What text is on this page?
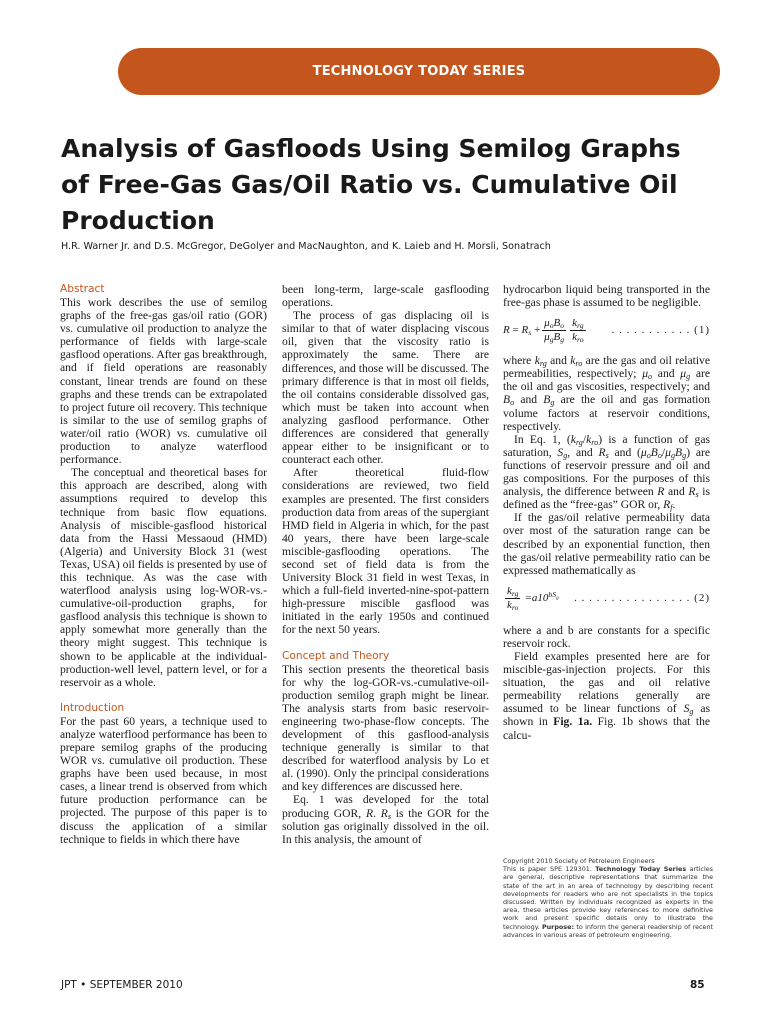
TECHNOLOGY TODAY SERIES
Analysis of Gasfloods Using Semilog Graphs of Free-Gas Gas/Oil Ratio vs. Cumulative Oil Production
H.R. Warner Jr. and D.S. McGregor, DeGolyer and MacNaughton, and K. Laieb and H. Morsli, Sonatrach

Abstract

This work describes the use of semilog graphs of the free-gas gas/oil ratio (GOR) vs. cumulative oil production to analyze the performance of fields with large-scale gasflood operations. After gas breakthrough, and if field operations are reasonably constant, linear trends are found on these graphs and these trends can be extrapolated to project future oil recovery. This technique is similar to the use of semilog graphs of water/oil ratio (WOR) vs. cumulative oil production to analyze waterflood performance.

The conceptual and theoretical bases for this approach are described, along with assumptions required to develop this technique from basic flow equations. Analysis of miscible-gasflood historical data from the Hassi Messaoud (HMD) (Algeria) and University Block 31 (west Texas, USA) oil fields is presented by use of this technique. As was the case with waterflood analysis using log-WOR-vs.-cumulative-oil-production graphs, for gasflood analysis this technique is shown to apply somewhat more generally than the theory might suggest. This technique is shown to be applicable at the individual-production-well level, pattern level, or for a reservoir as a whole.

Introduction

For the past 60 years, a technique used to analyze waterflood performance has been to prepare semilog graphs of the producing WOR vs. cumulative oil production. These graphs have been used because, in most cases, a linear trend is observed from which future production performance can be projected. The purpose of this paper is to discuss the application of a similar technique to fields in which there have

been long-term, large-scale gasflooding operations.

The process of gas displacing oil is similar to that of water displacing viscous oil, given that the viscosity ratio is approximately the same. There are differences, and those will be discussed. The primary difference is that in most oil fields, the oil contains considerable dissolved gas, which must be taken into account when analyzing gasflood performance. Other differences are considered that generally appear either to be insignificant or to counteract each other.

After theoretical fluid-flow considerations are reviewed, two field examples are presented. The first considers production data from areas of the supergiant HMD field in Algeria in which, for the past 40 years, there have been large-scale miscible-gasflooding operations. The second set of field data is from the University Block 31 field in west Texas, in which a full-field inverted-nine-spot-pattern high-pressure miscible gasflood was initiated in the early 1950s and continued for the next 50 years.

Concept and Theory

This section presents the theoretical basis for why the log-GOR-vs.-cumulative-oil-production semilog graph might be linear. The analysis starts from basic reservoir-engineering two-phase-flow concepts. The development of this gasflood-analysis technique generally is similar to that described for waterflood analysis by Lo et al. (1990). Only the principal considerations and key differences are discussed here.

Eq. 1 was developed for the total producing GOR, R. $R_s$ is the GOR for the solution gas originally dissolved in the oil. In this analysis, the amount of

hydrocarbon liquid being transported in the free-gas phase is assumed to be negligible.

$R = R_s + \frac{\mu_oB_o}{\mu_gB_g} \frac{k_{rg}}{k_{ro}}$	. . . . . . . . . . . (1)

where $k_{rg}$ and $k_{ro}$ are the gas and oil relative permeabilities, respectively; $\mu_o$ and $\mu_g$ are the oil and gas viscosities, respectively; and $B_o$ and $B_g$ are the oil and gas formation volume factors at reservoir conditions, respectively.

In Eq. 1, $(k_{rg}/k_{ro})$ is a function of gas saturation, $S_g$, and $R_s$ and $(\mu_oB_o/\mu_gB_g)$ are functions of reservoir pressure and oil and gas compositions. For the purposes of this analysis, the difference between R and $R_s$ is defined as the “free-gas” GOR or, $R_f$.

If the gas/oil relative permeability data over most of the saturation range can be described by an exponential function, then the gas/oil relative permeability ratio can be expressed mathematically as

$\frac{k_{rg}}{k_{ro}} =a10^{bS_g}$	. . . . . . . . . . . . . . . . (2)

where a and b are constants for a specific reservoir rock.

Field examples presented here are for miscible-gas-injection projects. For this situation, the gas and oil relative permeability relations generally are assumed to be linear functions of $S_g$ as shown in Fig. 1a. Fig. 1b shows that the calcu-

Copyright 2010 Society of Petroleum Engineers

This is paper SPE 129301. Technology Today Series articles are general, descriptive representations that summarize the state of the art in an area of technology by describing recent developments for readers who are not specialists in the topics discussed. Written by individuals recognized as experts in the area, these articles provide key references to more definitive work and present specific details only to illustrate the technology. Purpose: to inform the general readership of recent advances in various areas of petroleum engineering.

JPT • SEPTEMBER 2010	85
